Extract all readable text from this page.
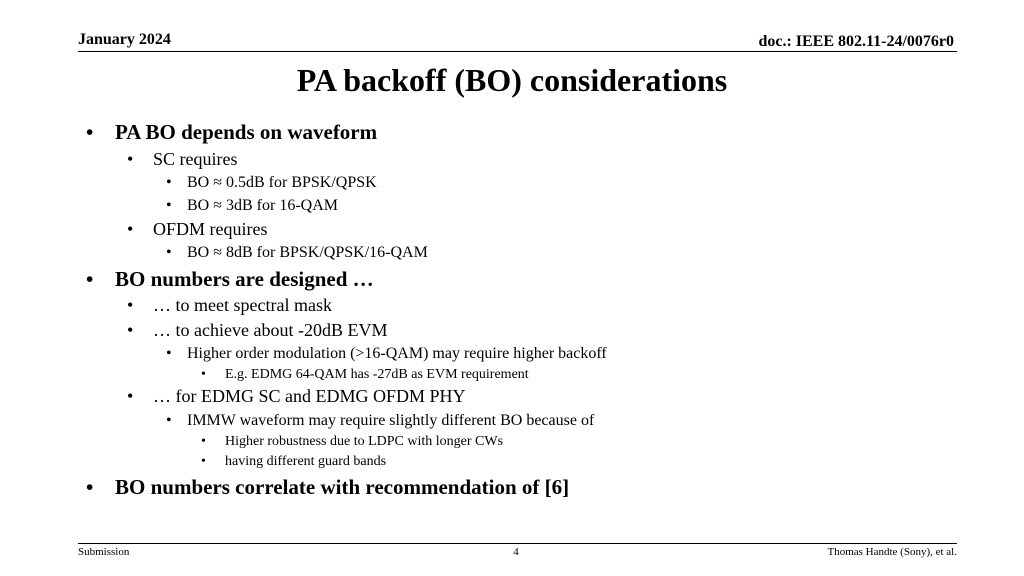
January 2024	doc.: IEEE 802.11-24/0076r0
PA backoff (BO) considerations
• PA BO depends on waveform
• SC requires
• BO ≈ 0.5dB for BPSK/QPSK
• BO ≈ 3dB for 16-QAM
• OFDM requires
• BO ≈ 8dB for BPSK/QPSK/16-QAM
• BO numbers are designed …
• … to meet spectral mask
• … to achieve about -20dB EVM
• Higher order modulation (>16-QAM) may require higher backoff
• E.g. EDMG 64-QAM has -27dB as EVM requirement
• … for EDMG SC and EDMG OFDM PHY
• IMMW waveform may require slightly different BO because of
• Higher robustness due to LDPC with longer CWs
• having different guard bands
• BO numbers correlate with recommendation of [6]
Submission	4	Thomas Handte (Sony), et al.
